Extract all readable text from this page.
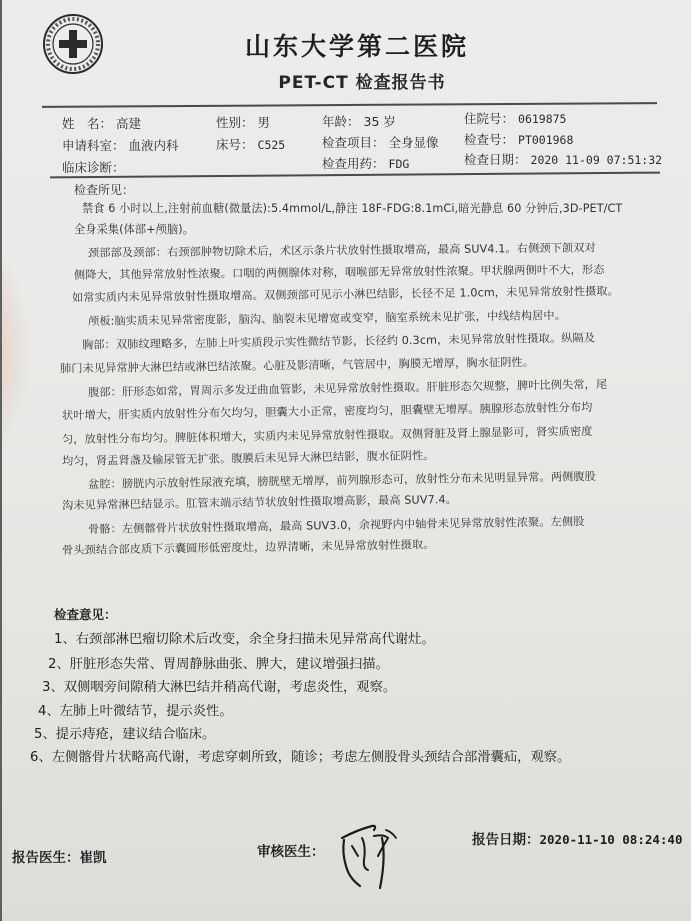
山东大学第二医院
PET-CT 检查报告书
姓　名： 高建	性别： 男	年龄： 35 岁	住院号： 0619875
申请科室： 血液内科	床号： C525	检查项目： 全身显像 检查号： PT001968
临床诊断：	检查用药： FDG	检查日期： 2020 11-09 07:51:32
检查所见：
禁食 6 小时以上,注射前血糖(微量法):5.4mmol/L,静注 18F-FDG:8.1mCi,暗光静息 60 分钟后,3D-PET/CT
全身采集(体部+颅脑)。
颈部部及颈部：右颈部肿物切除术后，术区示条片状放射性摄取增高，最高 SUV4.1。右侧颈下颌双对
侧降大，其他异常放射性浓聚。口咽的两侧腺体对称，咽喉部无异常放射性浓聚。甲状腺两侧叶不大，形态
如常实质内未见异常放射性摄取增高。双侧颈部可见示小淋巴结影，长径不足 1.0cm，未见异常放射性摄取。
颅板:脑实质未见异常密度影，脑沟、脑裂未见增宽或变窄，脑室系统未见扩张，中线结构居中。
胸部：双肺纹理略多，左肺上叶实质段示实性微结节影，长径约 0.3cm，未见异常放射性摄取。纵隔及
肺门未见异常肿大淋巴结或淋巴结浓聚。心脏及影清晰，气管居中，胸膜无增厚，胸水征阴性。
腹部：肝形态如常，胃周示多发迂曲血管影，未见异常放射性摄取。肝脏形态欠规整，脾叶比例失常，尾
状叶增大，肝实质内放射性分布欠均匀，胆囊大小正常，密度均匀，胆囊壁无增厚。胰腺形态放射性分布均
匀，放射性分布均匀。脾脏体积增大，实质内未见异常放射性摄取。双侧肾脏及肾上腺显影可，肾实质密度
均匀，肾盂肾盏及输尿管无扩张。腹膜后未见异大淋巴结影，腹水征阴性。
盆腔：膀胱内示放射性尿液充填，膀胱壁无增厚，前列腺形态可，放射性分布未见明显异常。两侧腹股
沟未见异常淋巴结显示。肛管末端示结节状放射性摄取增高影，最高 SUV7.4。
骨骼：左侧髂骨片状放射性摄取增高，最高 SUV3.0，余视野内中轴骨未见异常放射性浓聚。左侧股
骨头颈结合部皮质下示囊圆形低密度灶，边界清晰，未见异常放射性摄取。
检查意见：
1、右颈部淋巴瘤切除术后改变，余全身扫描未见异常高代谢灶。
2、肝脏形态失常、胃周静脉曲张、脾大，建议增强扫描。
3、双侧咽旁间隙稍大淋巴结并稍高代谢，考虑炎性，观察。
4、左肺上叶微结节，提示炎性。
5、提示痔疮，建议结合临床。
6、左侧髂骨片状略高代谢，考虑穿刺所致，随诊；考虑左侧股骨头颈结合部滑囊疝，观察。
报告医生：崔凯	审核医生：
报告日期：2020-11-10 08:24:40
